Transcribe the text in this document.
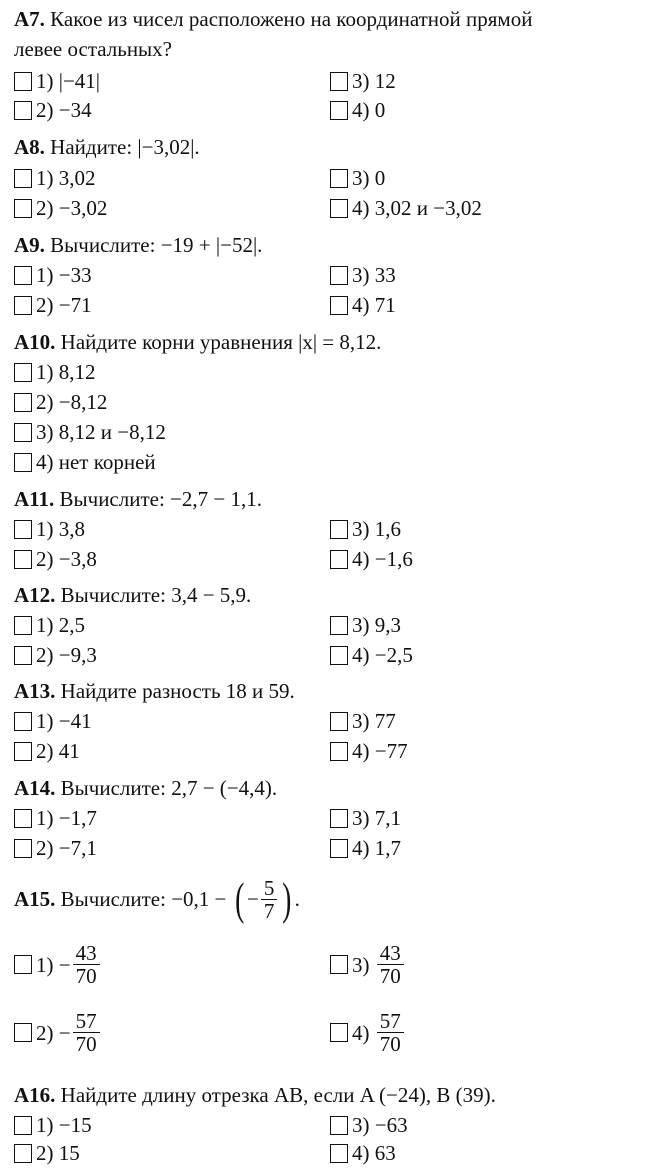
A7. Какое из чисел расположено на координатной прямой
левее остальных?
1) |−41|
2) −34
3) 12
4) 0
A8. Найдите: |−3,02|.
1) 3,02
2) −3,02
3) 0
4) 3,02 и −3,02
A9. Вычислите: −19 + |−52|.
1) −33
2) −71
3) 33
4) 71
A10. Найдите корни уравнения |x| = 8,12.
1) 8,12
2) −8,12
3) 8,12 и −8,12
4) нет корней
A11. Вычислите: −2,7 − 1,1.
1) 3,8
2) −3,8
3) 1,6
4) −1,6
A12. Вычислите: 3,4 − 5,9.
1) 2,5
2) −9,3
3) 9,3
4) −2,5
A13. Найдите разность 18 и 59.
1) −41
2) 41
3) 77
4) −77
A14. Вычислите: 2,7 − (−4,4).
1) −1,7
2) −7,1
3) 7,1
4) 1,7
A15.
Вычислите: −0,1 −
( − $\frac{5}{7}$ ) .
$1) - \frac{43}{70}$
$2) - \frac{57}{70}$
3)
$\frac{43}{70}$
4)
$\frac{57}{70}$
A16. Найдите длину отрезка AB, если A (−24), B (39).
1) −15
2) 15
3) −63
4) 63
